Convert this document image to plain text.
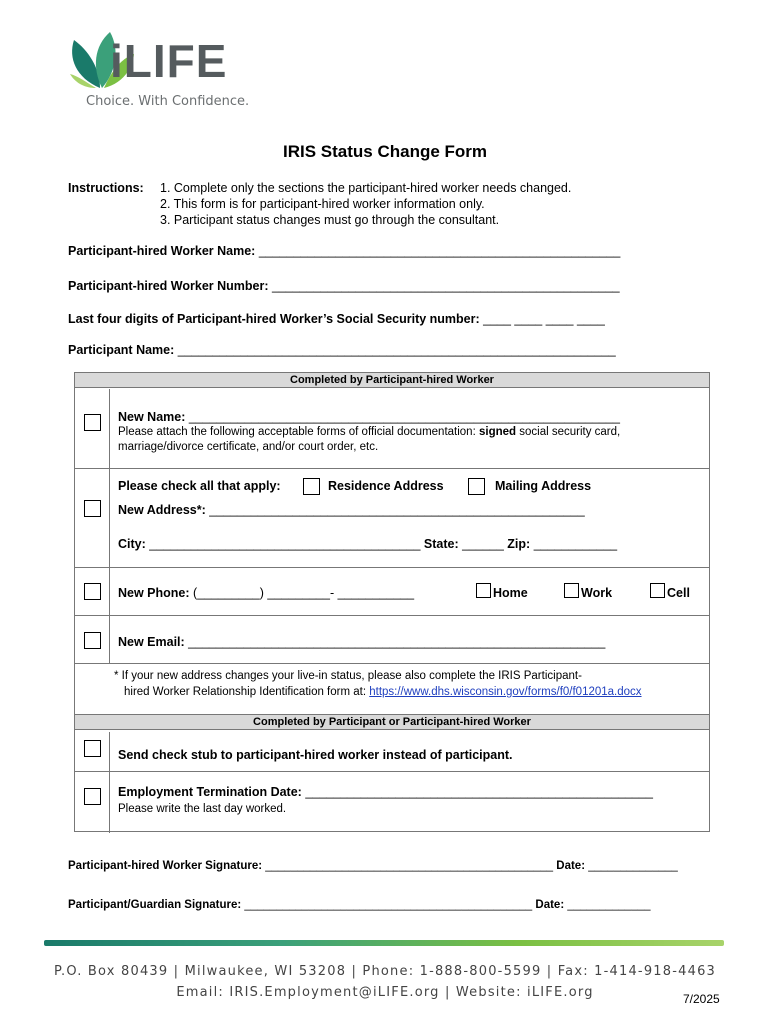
iLIFE
Choice. With Confidence.
IRIS Status Change Form
Instructions: 1. Complete only the sections the participant-hired worker needs changed.
2. This form is for participant-hired worker information only.
3. Participant status changes must go through the consultant.
Participant-hired Worker Name: ____________________________________________________
Participant-hired Worker Number: __________________________________________________
Last four digits of Participant-hired Worker’s Social Security number: ____ ____ ____ ____
Participant Name: _______________________________________________________________
Completed by Participant-hired Worker
New Name: ______________________________________________________________
Please attach the following acceptable forms of official documentation: signed social security card,
marriage/divorce certificate, and/or court order, etc.
Please check all that apply:	Residence Address	Mailing Address
New Address*: ______________________________________________________
City: _______________________________________ State: ______ Zip: ____________
New Phone: (_________) _________- ___________	Home	Work	Cell
New Email: ____________________________________________________________
* If your new address changes your live-in status, please also complete the IRIS Participant-
hired Worker Relationship Identification form at: https://www.dhs.wisconsin.gov/forms/f0/f01201a.docx
Completed by Participant or Participant-hired Worker
Send check stub to participant-hired worker instead of participant.
Employment Termination Date: __________________________________________________
Please write the last day worked.
Participant-hired Worker Signature: _____________________________________________ Date: ______________
Participant/Guardian Signature: _____________________________________________ Date: _____________
P.O. Box 80439 | Milwaukee, WI 53208 | Phone: 1-888-800-5599 | Fax: 1-414-918-4463
Email: IRIS.Employment@iLIFE.org | Website: iLIFE.org	7/2025
